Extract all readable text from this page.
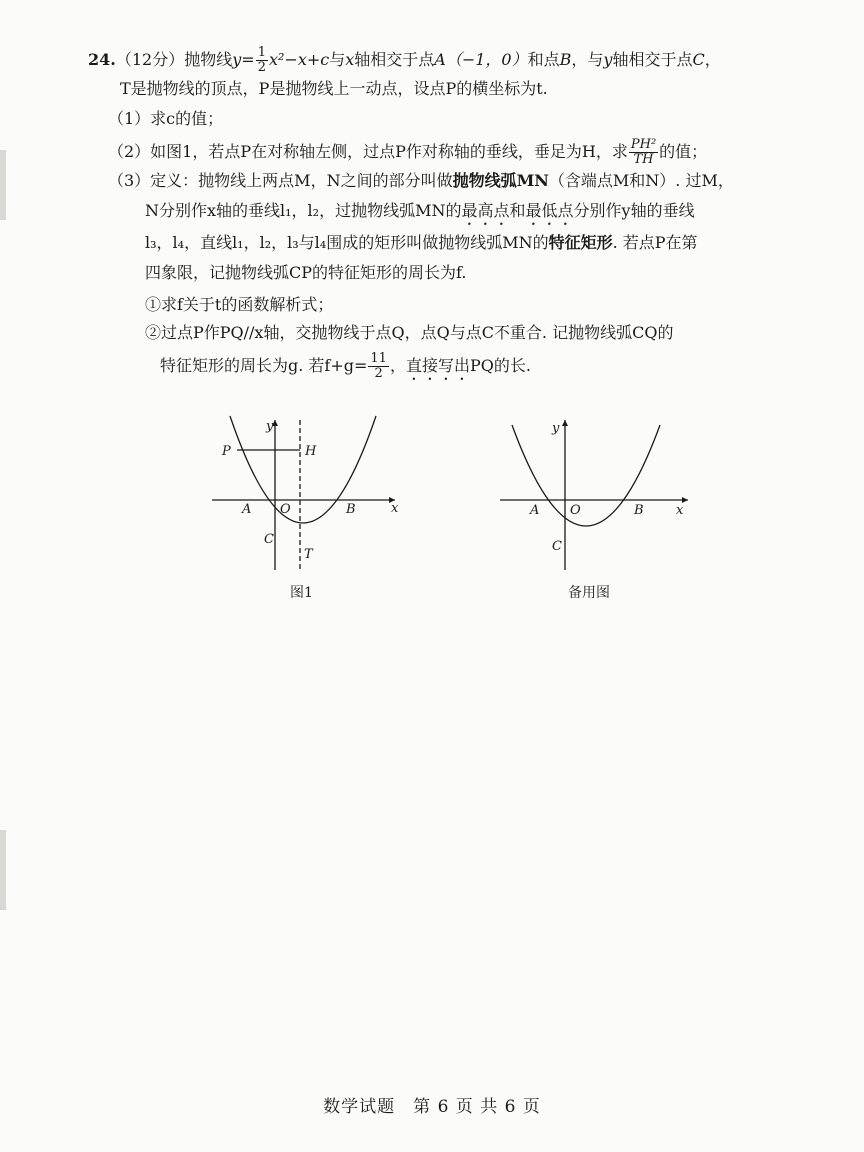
24.（12分）抛物线$y= \frac{1}{2} x^2-x+c$与x轴相交于点A（−1，0）和点B，与y轴相交于点C，
T是抛物线的顶点，P是抛物线上一动点，设点P的横坐标为t.
（1）求c的值；
（2）如图1，若点P在对称轴左侧，过点P作对称轴的垂线，垂足为H，求 $\frac{\text{PH²}}{TH}$ 的值；
（3）定义：抛物线上两点M，N之间的部分叫做抛物线弧MN（含端点M和N）. 过M，
N分别作x轴的垂线l₁，l₂，过抛物线弧MN的最高点和最低点分别作y轴的垂线
l₃，l₄，直线l₁，l₂，l₃与l₄围成的矩形叫做抛物线弧MN的特征矩形. 若点P在第
四象限，记抛物线弧CP的特征矩形的周长为f.
①求f关于t的函数解析式；
②过点P作PQ//x轴，交抛物线于点Q，点Q与点C不重合. 记抛物线弧CQ的
特征矩形的周长为g. 若$f+g= \frac{11}{2}$ ，直接写出PQ的长.
y
x
P	H
A O	B
C
T
图1
y
x
A O	B
C
备用图
数学试题　第 6 页 共 6 页
